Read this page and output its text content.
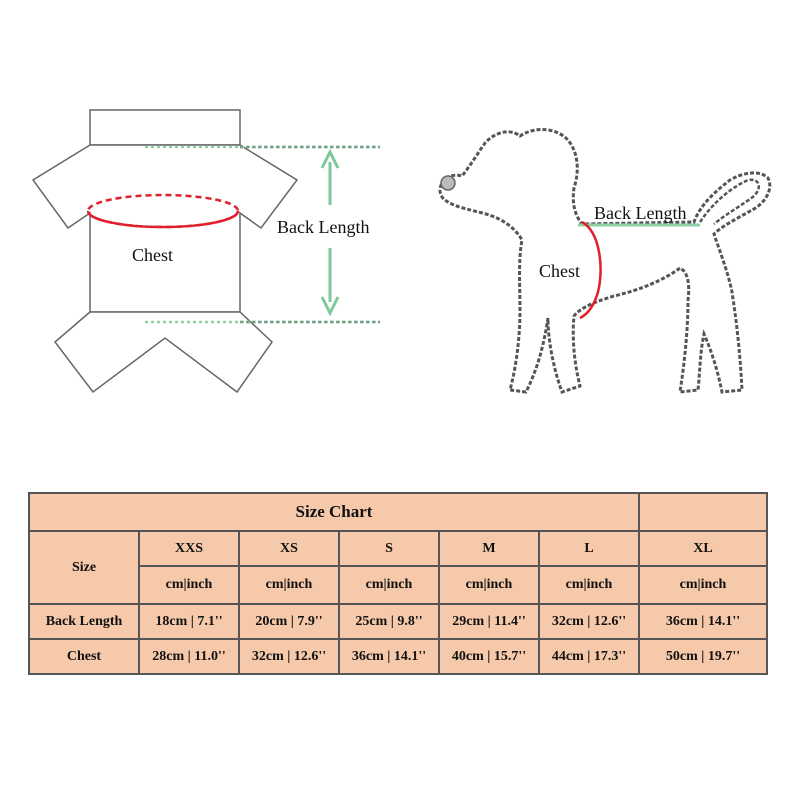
Chest
Back Length
Back Length
Chest
Size Chart						
Size	XXS	XS	S	M	L	XL
	cm|inch	cm|inch	cm|inch	cm|inch	cm|inch	cm|inch
Back Length	18cm | 7.1''	20cm | 7.9''	25cm | 9.8''	29cm | 11.4''	32cm | 12.6''	36cm | 14.1''
Chest	28cm | 11.0''	32cm | 12.6''	36cm | 14.1''	40cm | 15.7''	44cm | 17.3''	50cm | 19.7''
